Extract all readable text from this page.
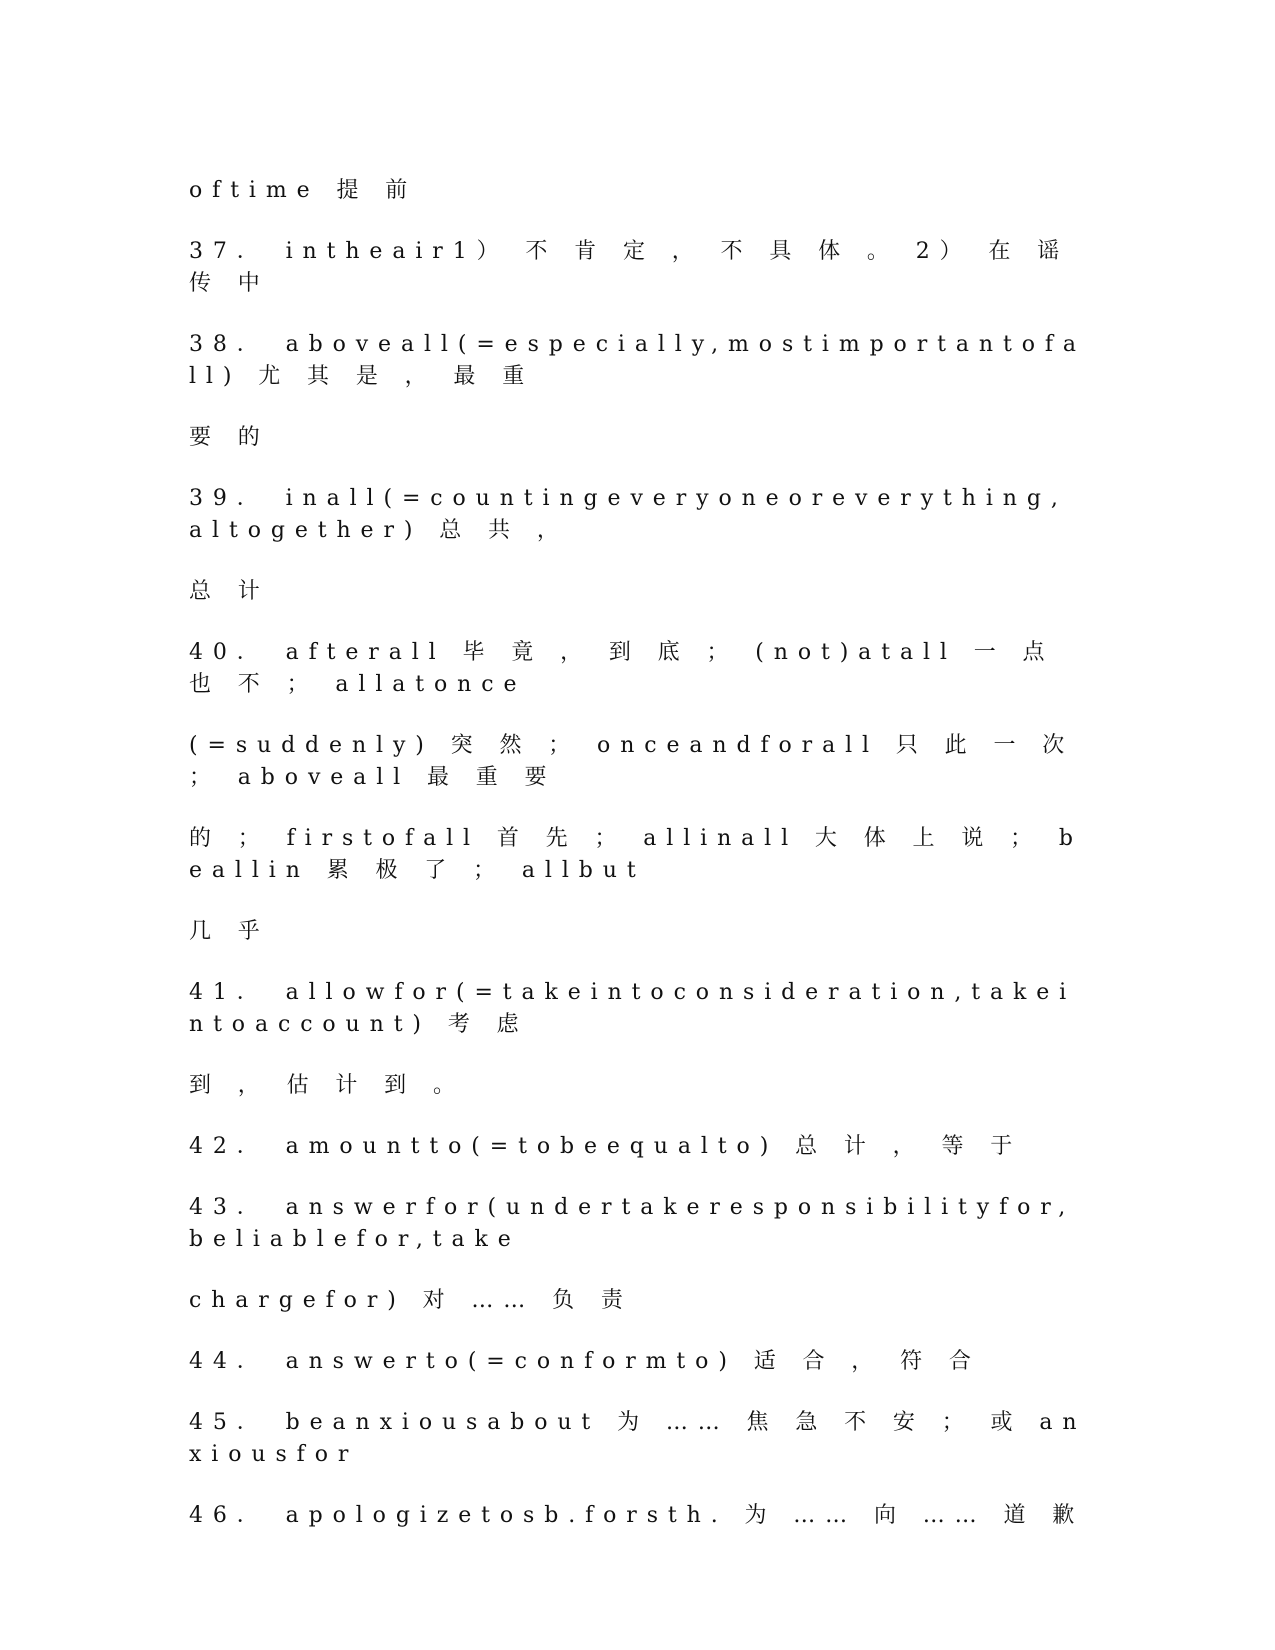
oftime 提 前

37． intheair1） 不 肯 定 ， 不 具 体 。 2） 在 谣 传 中

38． aboveall(=especially,mostimportantofall) 尤 其 是 ， 最 重

要 的

39． inall(=countingeveryoneoreverything,altogether) 总 共 ，

总 计

40． afterall 毕 竟 ， 到 底 ； (not)atall 一 点 也 不 ； allatonce

(=suddenly) 突 然 ； onceandforall 只 此 一 次 ； aboveall 最 重 要

的 ； firstofall 首 先 ； allinall 大 体 上 说 ； beallin 累 极 了 ； allbut

几 乎

41． allowfor(=takeintoconsideration,takeintoaccount) 考 虑

到 ， 估 计 到 。

42． amountto(=tobeequalto) 总 计 ， 等 于

43． answerfor(undertakeresponsibilityfor,beliablefor,take

chargefor) 对 …… 负 责

44． answerto(=conformto) 适 合 ， 符 合

45． beanxiousabout 为 …… 焦 急 不 安 ； 或 anxiousfor

46． apologizetosb.forsth. 为 …… 向 …… 道 歉
